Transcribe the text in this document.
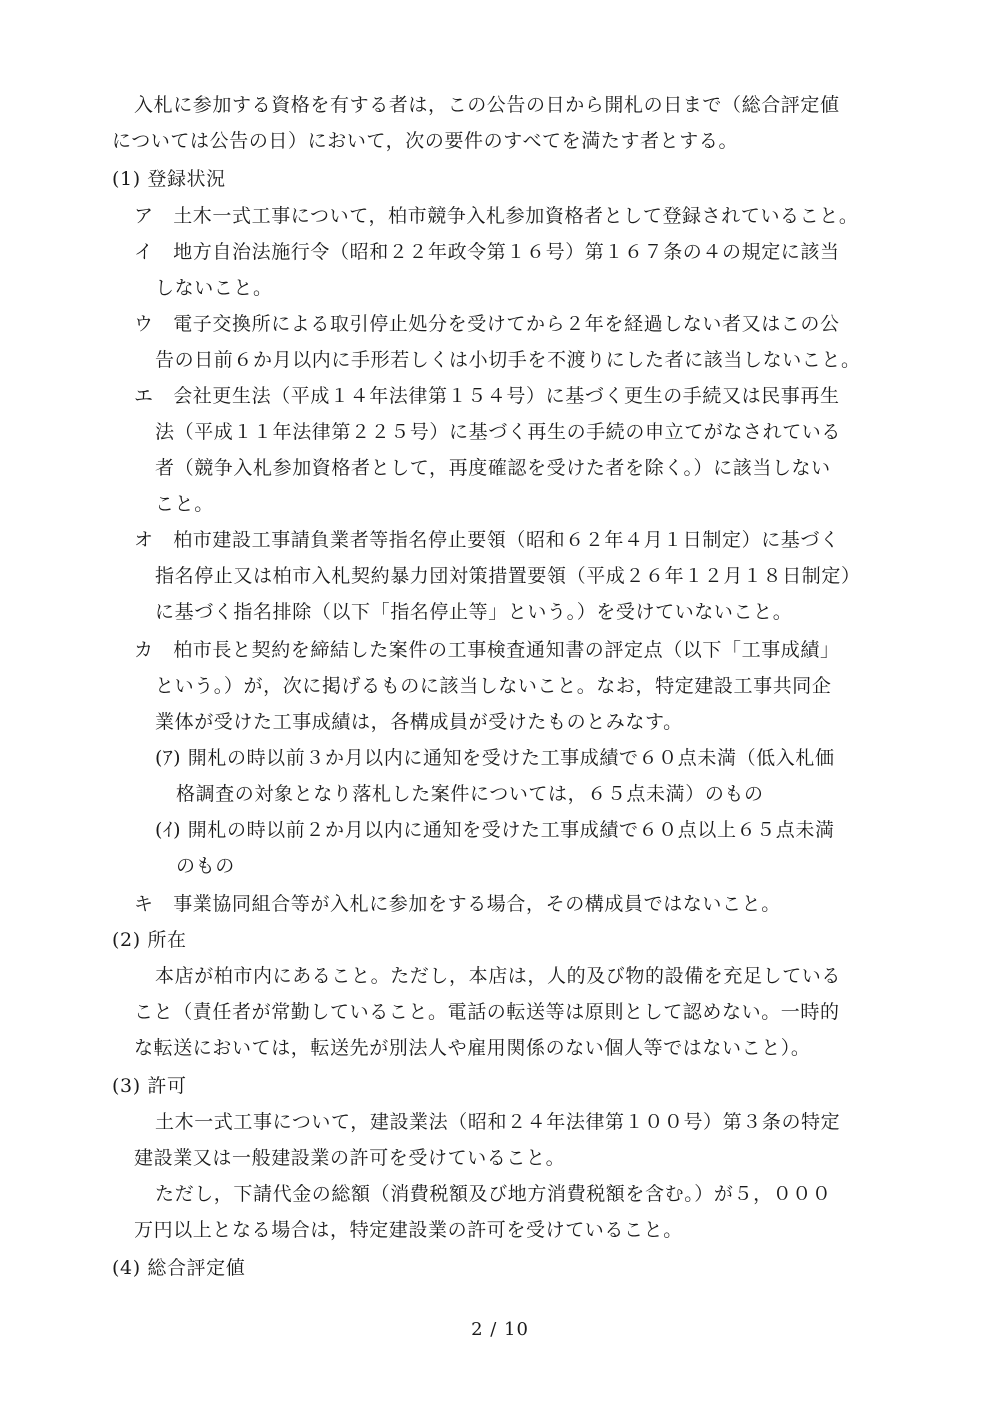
入札に参加する資格を有する者は，この公告の日から開札の日まで（総合評定値
については公告の日）において，次の要件のすべてを満たす者とする。
(1) 登録状況
ア　土木一式工事について，柏市競争入札参加資格者として登録されていること。
イ　地方自治法施行令（昭和２２年政令第１６号）第１６７条の４の規定に該当
しないこと。
ウ　電子交換所による取引停止処分を受けてから２年を経過しない者又はこの公
告の日前６か月以内に手形若しくは小切手を不渡りにした者に該当しないこと。
エ　会社更生法（平成１４年法律第１５４号）に基づく更生の手続又は民事再生
法（平成１１年法律第２２５号）に基づく再生の手続の申立てがなされている
者（競争入札参加資格者として，再度確認を受けた者を除く。）に該当しない
こと。
オ　柏市建設工事請負業者等指名停止要領（昭和６２年４月１日制定）に基づく
指名停止又は柏市入札契約暴力団対策措置要領（平成２６年１２月１８日制定）
に基づく指名排除（以下「指名停止等」という。）を受けていないこと。
カ　柏市長と契約を締結した案件の工事検査通知書の評定点（以下「工事成績」
という。）が，次に掲げるものに該当しないこと。なお，特定建設工事共同企
業体が受けた工事成績は，各構成員が受けたものとみなす。
(ｱ) 開札の時以前３か月以内に通知を受けた工事成績で６０点未満（低入札価
格調査の対象となり落札した案件については，６５点未満）のもの
(ｲ) 開札の時以前２か月以内に通知を受けた工事成績で６０点以上６５点未満
のもの
キ　事業協同組合等が入札に参加をする場合，その構成員ではないこと。
(2) 所在
本店が柏市内にあること。ただし，本店は，人的及び物的設備を充足している
こと（責任者が常勤していること。電話の転送等は原則として認めない。一時的
な転送においては，転送先が別法人や雇用関係のない個人等ではないこと）。
(3) 許可
土木一式工事について，建設業法（昭和２４年法律第１００号）第３条の特定
建設業又は一般建設業の許可を受けていること。
ただし，下請代金の総額（消費税額及び地方消費税額を含む。）が５，０００
万円以上となる場合は，特定建設業の許可を受けていること。
(4) 総合評定値
2 / 10
